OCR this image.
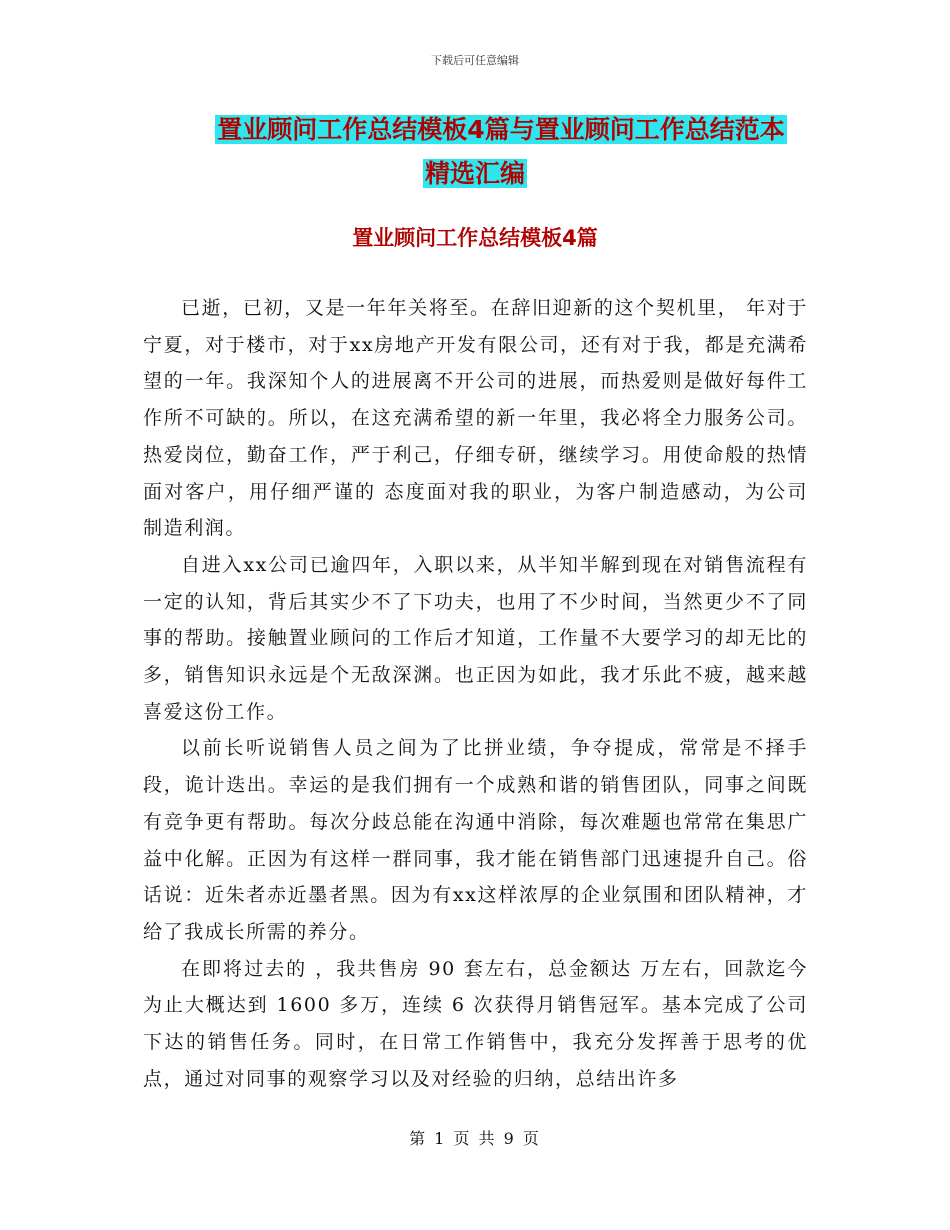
下载后可任意编辑
置业顾问工作总结模板4篇与置业顾问工作总结范本
精选汇编
置业顾问工作总结模板4篇

已逝，已初，又是一年年关将至。在辞旧迎新的这个契机里， 年对于宁夏，对于楼市，对于xx房地产开发有限公司，还有对于我，都是充满希望的一年。我深知个人的进展离不开公司的进展，而热爱则是做好每件工作所不可缺的。所以，在这充满希望的新一年里，我必将全力服务公司。热爱岗位，勤奋工作，严于利己，仔细专研，继续学习。用使命般的热情面对客户，用仔细严谨的 态度面对我的职业，为客户制造感动，为公司制造利润。

自进入xx公司已逾四年，入职以来，从半知半解到现在对销售流程有一定的认知，背后其实少不了下功夫，也用了不少时间，当然更少不了同事的帮助。接触置业顾问的工作后才知道，工作量不大要学习的却无比的多，销售知识永远是个无敌深渊。也正因为如此，我才乐此不疲，越来越喜爱这份工作。

以前长听说销售人员之间为了比拼业绩，争夺提成，常常是不择手段，诡计迭出。幸运的是我们拥有一个成熟和谐的销售团队，同事之间既有竞争更有帮助。每次分歧总能在沟通中消除，每次难题也常常在集思广益中化解。正因为有这样一群同事，我才能在销售部门迅速提升自己。俗话说：近朱者赤近墨者黑。因为有xx这样浓厚的企业氛围和团队精神，才给了我成长所需的养分。

在即将过去的 ，我共售房 90 套左右，总金额达 万左右，回款迄今为止大概达到 1600 多万，连续 6 次获得月销售冠军。基本完成了公司下达的销售任务。同时，在日常工作销售中，我充分发挥善于思考的优点，通过对同事的观察学习以及对经验的归纳，总结出许多

第 1 页 共 9 页
